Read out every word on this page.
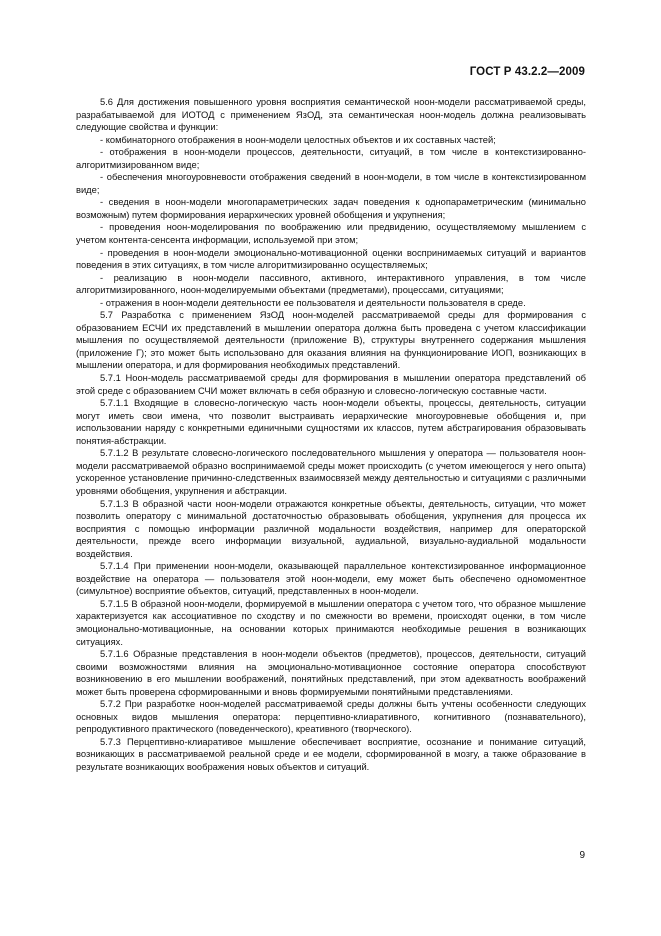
ГОСТ Р 43.2.2—2009

5.6 Для достижения повышенного уровня восприятия семантической ноон-модели рассматриваемой среды, разрабатываемой для ИОТОД с применением ЯзОД, эта семантическая ноон-модель должна реализовывать следующие свойства и функции:

- комбинаторного отображения в ноон-модели целостных объектов и их составных частей;

- отображения в ноон-модели процессов, деятельности, ситуаций, в том числе в контекстизированно-алгоритмизированном виде;

- обеспечения многоуровневости отображения сведений в ноон-модели, в том числе в контекстизированном виде;

- сведения в ноон-модели многопараметрических задач поведения к однопараметрическим (минимально возможным) путем формирования иерархических уровней обобщения и укрупнения;

- проведения ноон-моделирования по воображению или предвидению, осуществляемому мышлением с учетом контента-сенсента информации, используемой при этом;

- проведения в ноон-модели эмоционально-мотивационной оценки воспринимаемых ситуаций и вариантов поведения в этих ситуациях, в том числе алгоритмизированно осуществляемых;

- реализацию в ноон-модели пассивного, активного, интерактивного управления, в том числе алгоритмизированного, ноон-моделируемыми объектами (предметами), процессами, ситуациями;

- отражения в ноон-модели деятельности ее пользователя и деятельности пользователя в среде.

5.7 Разработка с применением ЯзОД ноон-моделей рассматриваемой среды для формирования с образованием ЕСЧИ их представлений в мышлении оператора должна быть проведена с учетом классификации мышления по осуществляемой деятельности (приложение В), структуры внутреннего содержания мышления (приложение Г); это может быть использовано для оказания влияния на функционирование ИОП, возникающих в мышлении оператора, и для формирования необходимых представлений.

5.7.1 Ноон-модель рассматриваемой среды для формирования в мышлении оператора представлений об этой среде с образованием СЧИ может включать в себя образную и словесно-логическую составные части.

5.7.1.1 Входящие в словесно-логическую часть ноон-модели объекты, процессы, деятельность, ситуации могут иметь свои имена, что позволит выстраивать иерархические многоуровневые обобщения и, при использовании наряду с конкретными единичными сущностями их классов, путем абстрагирования образовывать понятия-абстракции.

5.7.1.2 В результате словесно-логического последовательного мышления у оператора — пользователя ноон-модели рассматриваемой образно воспринимаемой среды может происходить (с учетом имеющегося у него опыта) ускоренное установление причинно-следственных взаимосвязей между деятельностью и ситуациями с различными уровнями обобщения, укрупнения и абстракции.

5.7.1.3 В образной части ноон-модели отражаются конкретные объекты, деятельность, ситуации, что может позволить оператору с минимальной достаточностью образовывать обобщения, укрупнения для процесса их восприятия с помощью информации различной модальности воздействия, например для операторской деятельности, прежде всего информации визуальной, аудиальной, визуально-аудиальной модальности воздействия.

5.7.1.4 При применении ноон-модели, оказывающей параллельное контекстизированное информационное воздействие на оператора — пользователя этой ноон-модели, ему может быть обеспечено одномоментное (симультное) восприятие объектов, ситуаций, представленных в ноон-модели.

5.7.1.5 В образной ноон-модели, формируемой в мышлении оператора с учетом того, что образное мышление характеризуется как ассоциативное по сходству и по смежности во времени, происходят оценки, в том числе эмоционально-мотивационные, на основании которых принимаются необходимые решения в возникающих ситуациях.

5.7.1.6 Образные представления в ноон-модели объектов (предметов), процессов, деятельности, ситуаций своими возможностями влияния на эмоционально-мотивационное состояние оператора способствуют возникновению в его мышлении воображений, понятийных представлений, при этом адекватность воображений может быть проверена сформированными и вновь формируемыми понятийными представлениями.

5.7.2 При разработке ноон-моделей рассматриваемой среды должны быть учтены особенности следующих основных видов мышления оператора: перцептивно-клиаративного, когнитивного (познавательного), репродуктивного практического (поведенческого), креативного (творческого).

5.7.3 Перцептивно-клиаративое мышление обеспечивает восприятие, осознание и понимание ситуаций, возникающих в рассматриваемой реальной среде и ее модели, сформированной в мозгу, а также образование в результате возникающих воображения новых объектов и ситуаций.

9
